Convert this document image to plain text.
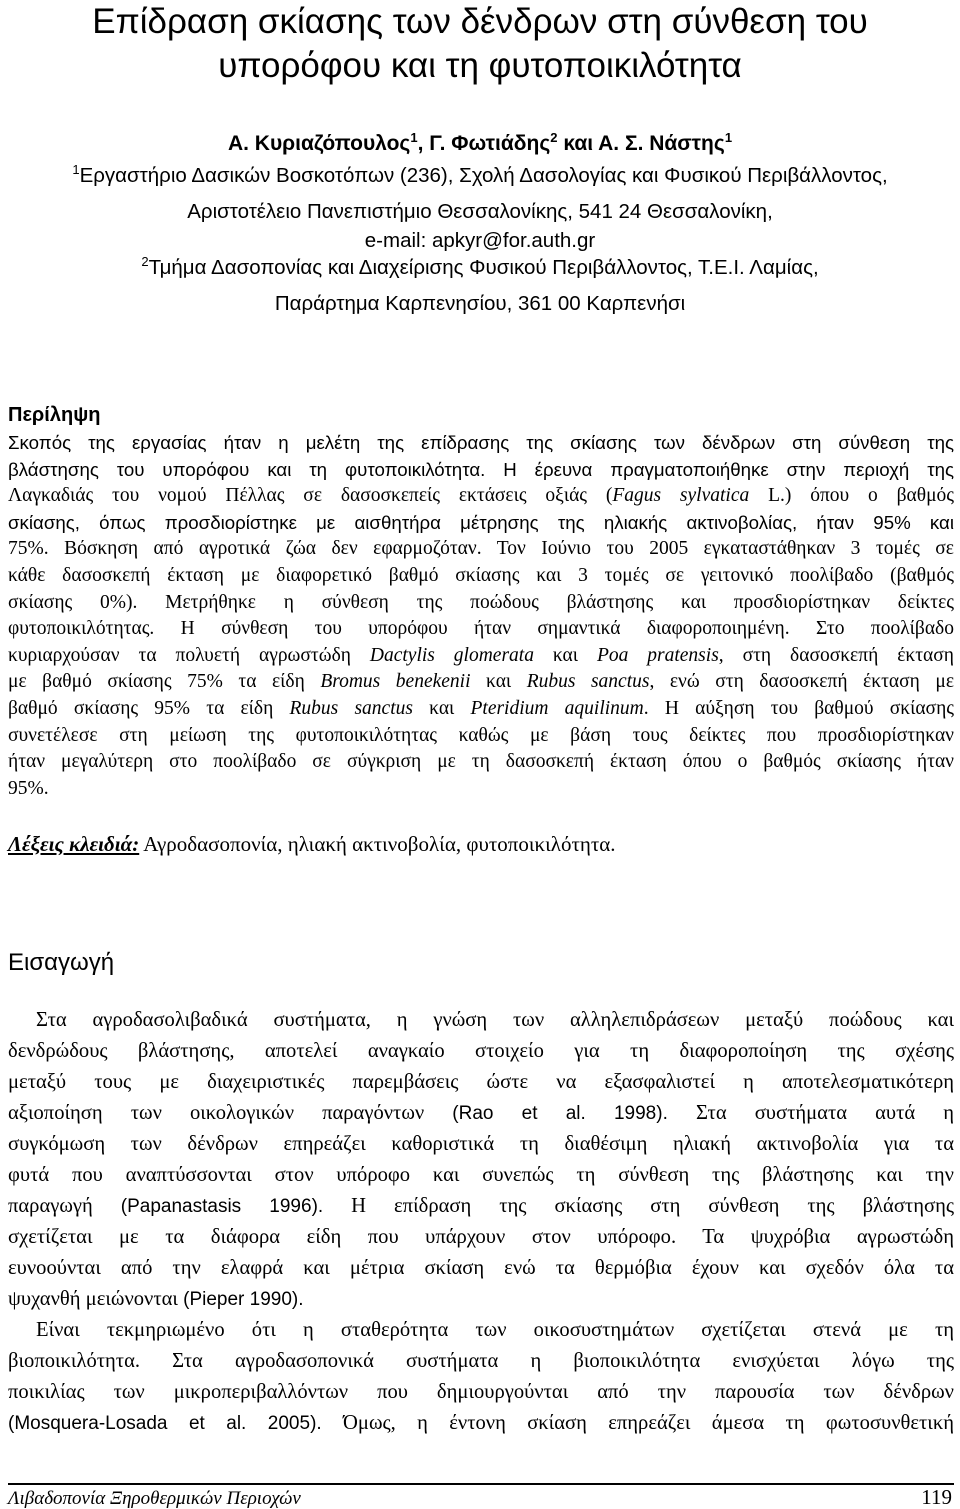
Επίδραση σκίασης των δένδρων στη σύνθεση του
υπορόφου και τη φυτοποικιλότητα
Α. Κυριαζόπουλος$^1$, Γ. Φωτιάδης$^2$ και Α. Σ. Νάστης$^1$
$^1$Εργαστήριο Δασικών Βοσκοτόπων (236), Σχολή Δασολογίας και Φυσικού Περιβάλλοντος,
Αριστοτέλειο Πανεπιστήμιο Θεσσαλονίκης, 541 24 Θεσσαλονίκη,
e-mail: apkyr@for.auth.gr
$^2$Τμήμα Δασοπονίας και Διαχείρισης Φυσικού Περιβάλλοντος, Τ.Ε.Ι. Λαμίας,
Παράρτημα Καρπενησίου, 361 00 Καρπενήσι
Περίληψη
Σκοπός της εργασίας ήταν η μελέτη της επίδρασης της σκίασης των δένδρων στη σύνθεση της
βλάστησης του υπορόφου και τη φυτοποικιλότητα. Η έρευνα πραγματοποιήθηκε στην περιοχή της
Λαγκαδιάς του νομού Πέλλας σε δασοσκεπείς εκτάσεις οξιάς (Fagus sylvatica L.) όπου ο βαθμός
σκίασης, όπως προσδιορίστηκε με αισθητήρα μέτρησης της ηλιακής ακτινοβολίας, ήταν 95% και
75%. Βόσκηση από αγροτικά ζώα δεν εφαρμοζόταν. Τον Ιούνιο του 2005 εγκαταστάθηκαν 3 τομές σε
κάθε δασοσκεπή έκταση με διαφορετικό βαθμό σκίασης και 3 τομές σε γειτονικό ποολίβαδο (βαθμός
σκίασης 0%). Μετρήθηκε η σύνθεση της ποώδους βλάστησης και προσδιορίστηκαν δείκτες
φυτοποικιλότητας. Η σύνθεση του υπορόφου ήταν σημαντικά διαφοροποιημένη. Στο ποολίβαδο
κυριαρχούσαν τα πολυετή αγρωστώδη Dactylis glomerata και Poa pratensis, στη δασοσκεπή έκταση
με βαθμό σκίασης 75% τα είδη Bromus benekenii και Rubus sanctus, ενώ στη δασοσκεπή έκταση με
βαθμό σκίασης 95% τα είδη Rubus sanctus και Pteridium aquilinum. Η αύξηση του βαθμού σκίασης
συνετέλεσε στη μείωση της φυτοποικιλότητας καθώς με βάση τους δείκτες που προσδιορίστηκαν
ήταν μεγαλύτερη στο ποολίβαδο σε σύγκριση με τη δασοσκεπή έκταση όπου ο βαθμός σκίασης ήταν
95%.
Λέξεις κλειδιά: Αγροδασοπονία, ηλιακή ακτινοβολία, φυτοποικιλότητα.
Εισαγωγή
Στα αγροδασολιβαδικά συστήματα, η γνώση των αλληλεπιδράσεων μεταξύ ποώδους και
δενδρώδους βλάστησης, αποτελεί αναγκαίο στοιχείο για τη διαφοροποίηση της σχέσης
μεταξύ τους με διαχειριστικές παρεμβάσεις ώστε να εξασφαλιστεί η αποτελεσματικότερη
αξιοποίηση των οικολογικών παραγόντων (Rao et al. 1998). Στα συστήματα αυτά η
συγκόμωση των δένδρων επηρεάζει καθοριστικά τη διαθέσιμη ηλιακή ακτινοβολία για τα
φυτά που αναπτύσσονται στον υπόροφο και συνεπώς τη σύνθεση της βλάστησης και την
παραγωγή (Papanastasis 1996). Η επίδραση της σκίασης στη σύνθεση της βλάστησης
σχετίζεται με τα διάφορα είδη που υπάρχουν στον υπόροφο. Τα ψυχρόβια αγρωστώδη
ευνοούνται από την ελαφρά και μέτρια σκίαση ενώ τα θερμόβια έχουν και σχεδόν όλα τα
ψυχανθή μειώνονται (Pieper 1990).
Είναι τεκμηριωμένο ότι η σταθερότητα των οικοσυστημάτων σχετίζεται στενά με τη
βιοποικιλότητα. Στα αγροδασοπονικά συστήματα η βιοποικιλότητα ενισχύεται λόγω της
ποικιλίας των μικροπεριβαλλόντων που δημιουργούνται από την παρουσία των δένδρων
(Mosquera-Losada et al. 2005). Όμως, η έντονη σκίαση επηρεάζει άμεσα τη φωτοσυνθετική
Λιβαδοπονία Ξηροθερμικών Περιοχών	119
